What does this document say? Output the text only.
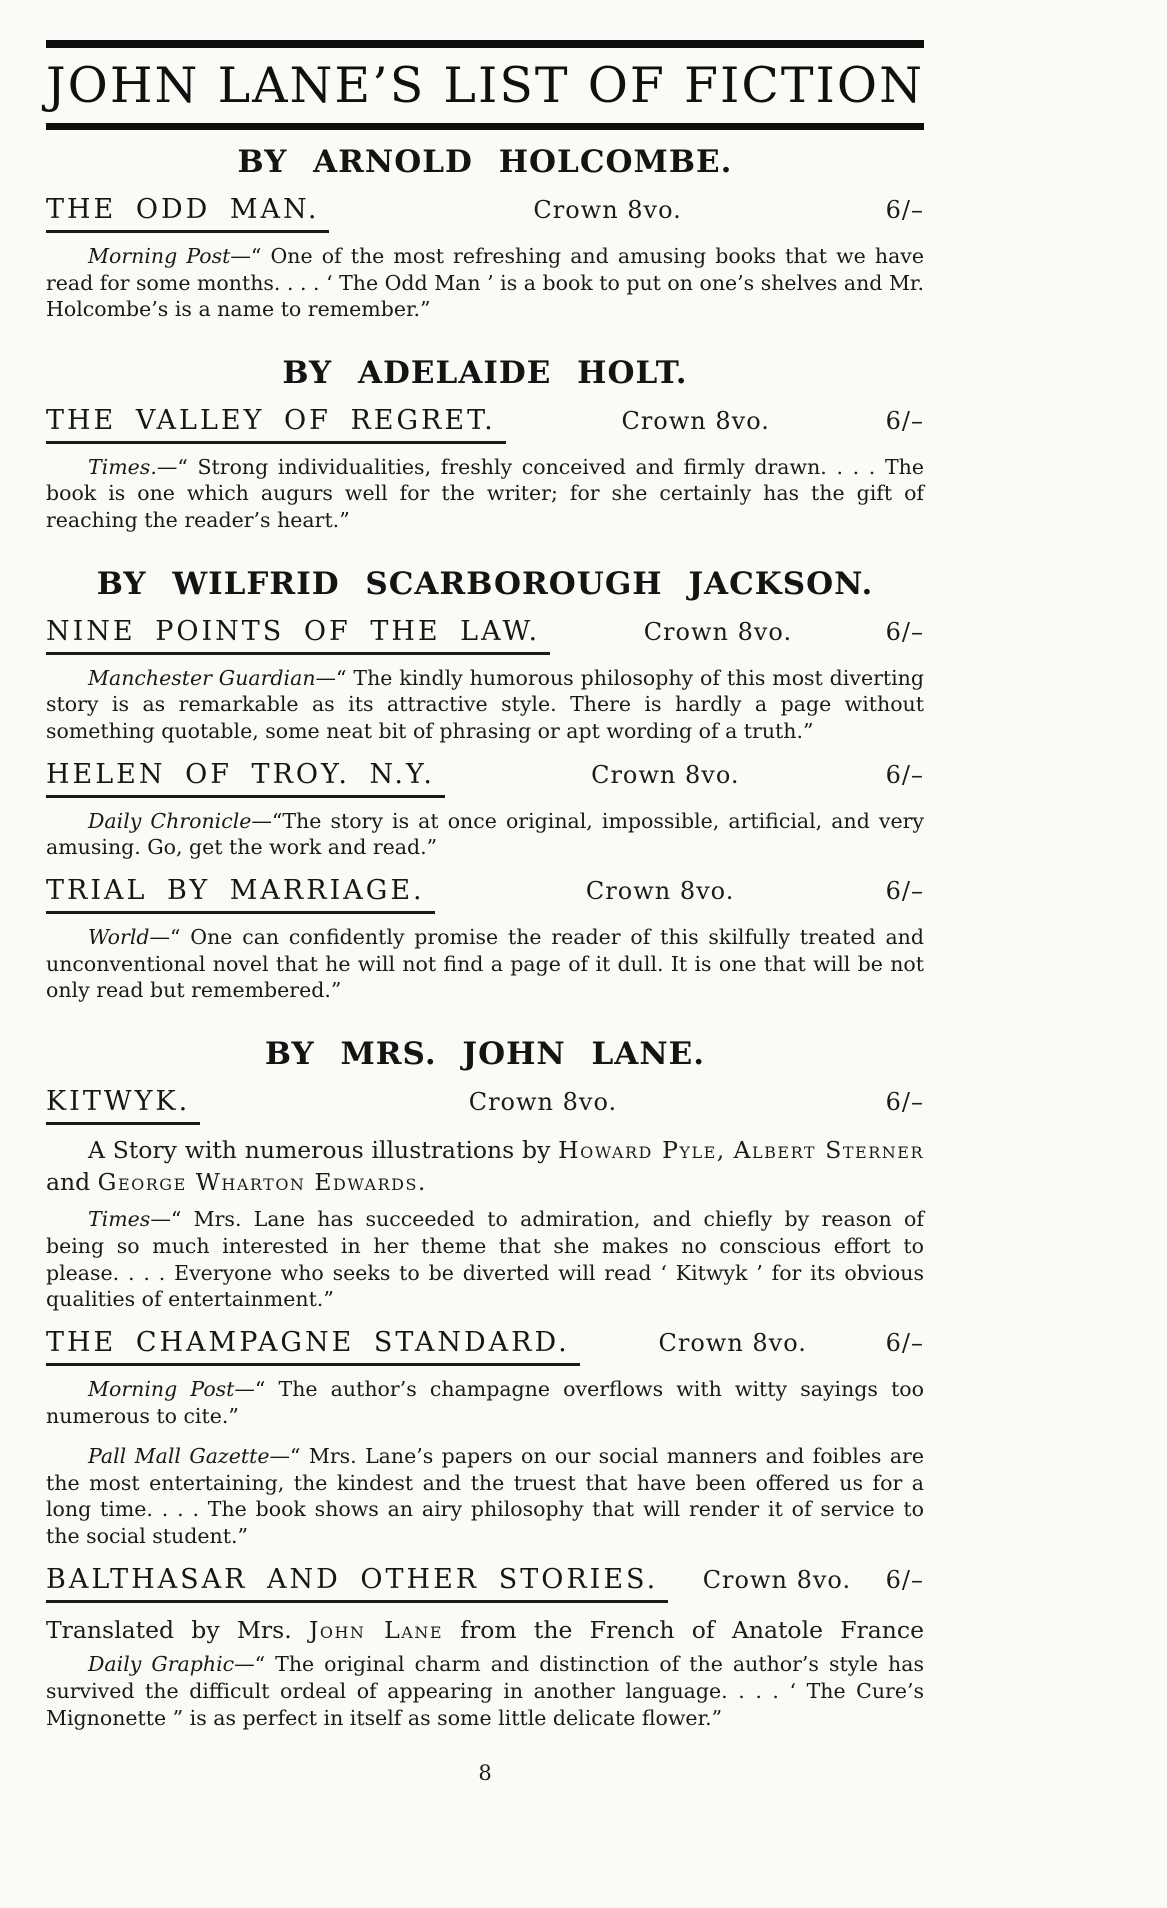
JOHN LANE’S LIST OF FICTION
BY ARNOLD HOLCOMBE.
THE ODD MAN.	Crown 8vo.	6/–

Morning Post—“ One of the most refreshing and amusing books that we have read for some months. . . . ‘ The Odd Man ’ is a book to put on one’s shelves and Mr. Holcombe’s is a name to remember.”

BY ADELAIDE HOLT.
THE VALLEY OF REGRET.	Crown 8vo.	6/–

Times.—“ Strong individualities, freshly conceived and firmly drawn. . . . The book is one which augurs well for the writer; for she certainly has the gift of reaching the reader’s heart.”

BY WILFRID SCARBOROUGH JACKSON.
NINE POINTS OF THE LAW.	Crown 8vo.	6/–

Manchester Guardian—“ The kindly humorous philosophy of this most diverting story is as remarkable as its attractive style. There is hardly a page without something quotable, some neat bit of phrasing or apt wording of a truth.”

HELEN OF TROY. N.Y.	Crown 8vo.	6/–

Daily Chronicle—“The story is at once original, impossible, artificial, and very amusing. Go, get the work and read.”

TRIAL BY MARRIAGE.	Crown 8vo.	6/–

World—“ One can confidently promise the reader of this skilfully treated and unconventional novel that he will not find a page of it dull. It is one that will be not only read but remembered.”

BY MRS. JOHN LANE.
KITWYK.	Crown 8vo.	6/–

A Story with numerous illustrations by Howard Pyle, Albert Sterner and George Wharton Edwards.

Times—“ Mrs. Lane has succeeded to admiration, and chiefly by reason of being so much interested in her theme that she makes no conscious effort to please. . . . Everyone who seeks to be diverted will read ‘ Kitwyk ’ for its obvious qualities of entertainment.”

THE CHAMPAGNE STANDARD.	Crown 8vo.	6/–

Morning Post—“ The author’s champagne overflows with witty sayings too numerous to cite.”

Pall Mall Gazette—“ Mrs. Lane’s papers on our social manners and foibles are the most entertaining, the kindest and the truest that have been offered us for a long time. . . . The book shows an airy philosophy that will render it of service to the social student.”

BALTHASAR AND OTHER STORIES.	Crown 8vo.	6/–

Translated by Mrs. John Lane from the French of Anatole France

Daily Graphic—“ The original charm and distinction of the author’s style has survived the difficult ordeal of appearing in another language. . . . ‘ The Cure’s Mignonette ” is as perfect in itself as some little delicate flower.”

8
